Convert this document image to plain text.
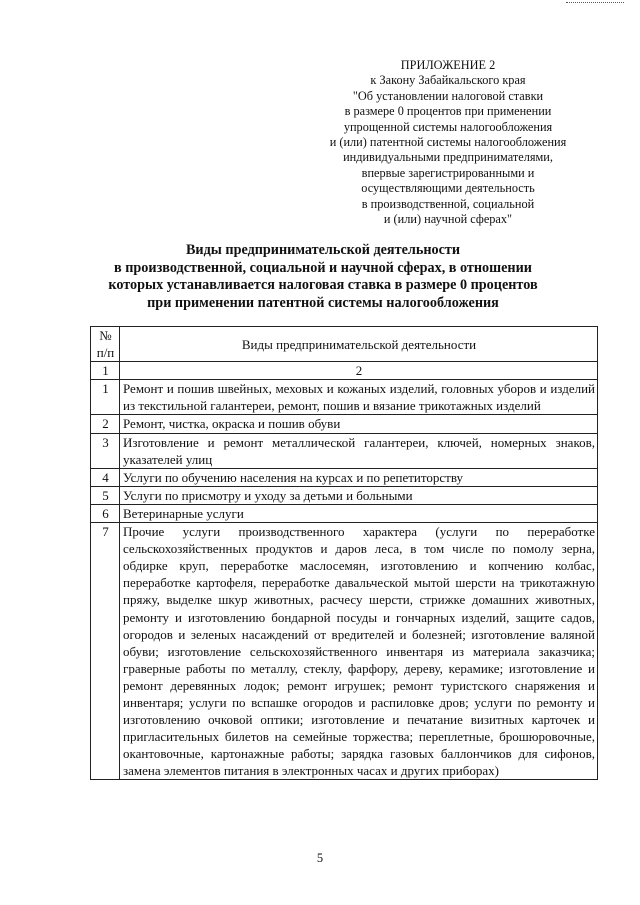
ПРИЛОЖЕНИЕ 2
к Закону Забайкальского края
"Об установлении налоговой ставки
в размере 0 процентов при применении
упрощенной системы налогообложения
и (или) патентной системы налогообложения
индивидуальными предпринимателями,
впервые зарегистрированными и
осуществляющими деятельность
в производственной, социальной
и (или) научной сферах"
Виды предпринимательской деятельности
в производственной, социальной и научной сферах, в отношении
которых устанавливается налоговая ставка в размере 0 процентов
при применении патентной системы налогообложения
№ п/п	Виды предпринимательской деятельности
1	2
1	Ремонт и пошив швейных, меховых и кожаных изделий, головных уборов и изделий из текстильной галантереи, ремонт, пошив и вязание трикотажных изделий
2	Ремонт, чистка, окраска и пошив обуви
3	Изготовление и ремонт металлической галантереи, ключей, номерных знаков, указателей улиц
4	Услуги по обучению населения на курсах и по репетиторству
5	Услуги по присмотру и уходу за детьми и больными
6	Ветеринарные услуги
7	Прочие услуги производственного характера (услуги по переработке сельскохозяйственных продуктов и даров леса, в том числе по помолу зерна, обдирке круп, переработке маслосемян, изготовлению и копчению колбас, переработке картофеля, переработке давальческой мытой шерсти на трикотажную пряжу, выделке шкур животных, расчесу шерсти, стрижке домашних животных, ремонту и изготовлению бондарной посуды и гончарных изделий, защите садов, огородов и зеленых насаждений от вредителей и болезней; изготовление валяной обуви; изготовление сельскохозяйственного инвентаря из материала заказчика; граверные работы по металлу, стеклу, фарфору, дереву, керамике; изготовление и ремонт деревянных лодок; ремонт игрушек; ремонт туристского снаряжения и инвентаря; услуги по вспашке огородов и распиловке дров; услуги по ремонту и изготовлению очковой оптики; изготовление и печатание визитных карточек и пригласительных билетов на семейные торжества; переплетные, брошюровочные, окантовочные, картонажные работы; зарядка газовых баллончиков для сифонов, замена элементов питания в электронных часах и других приборах)
5
